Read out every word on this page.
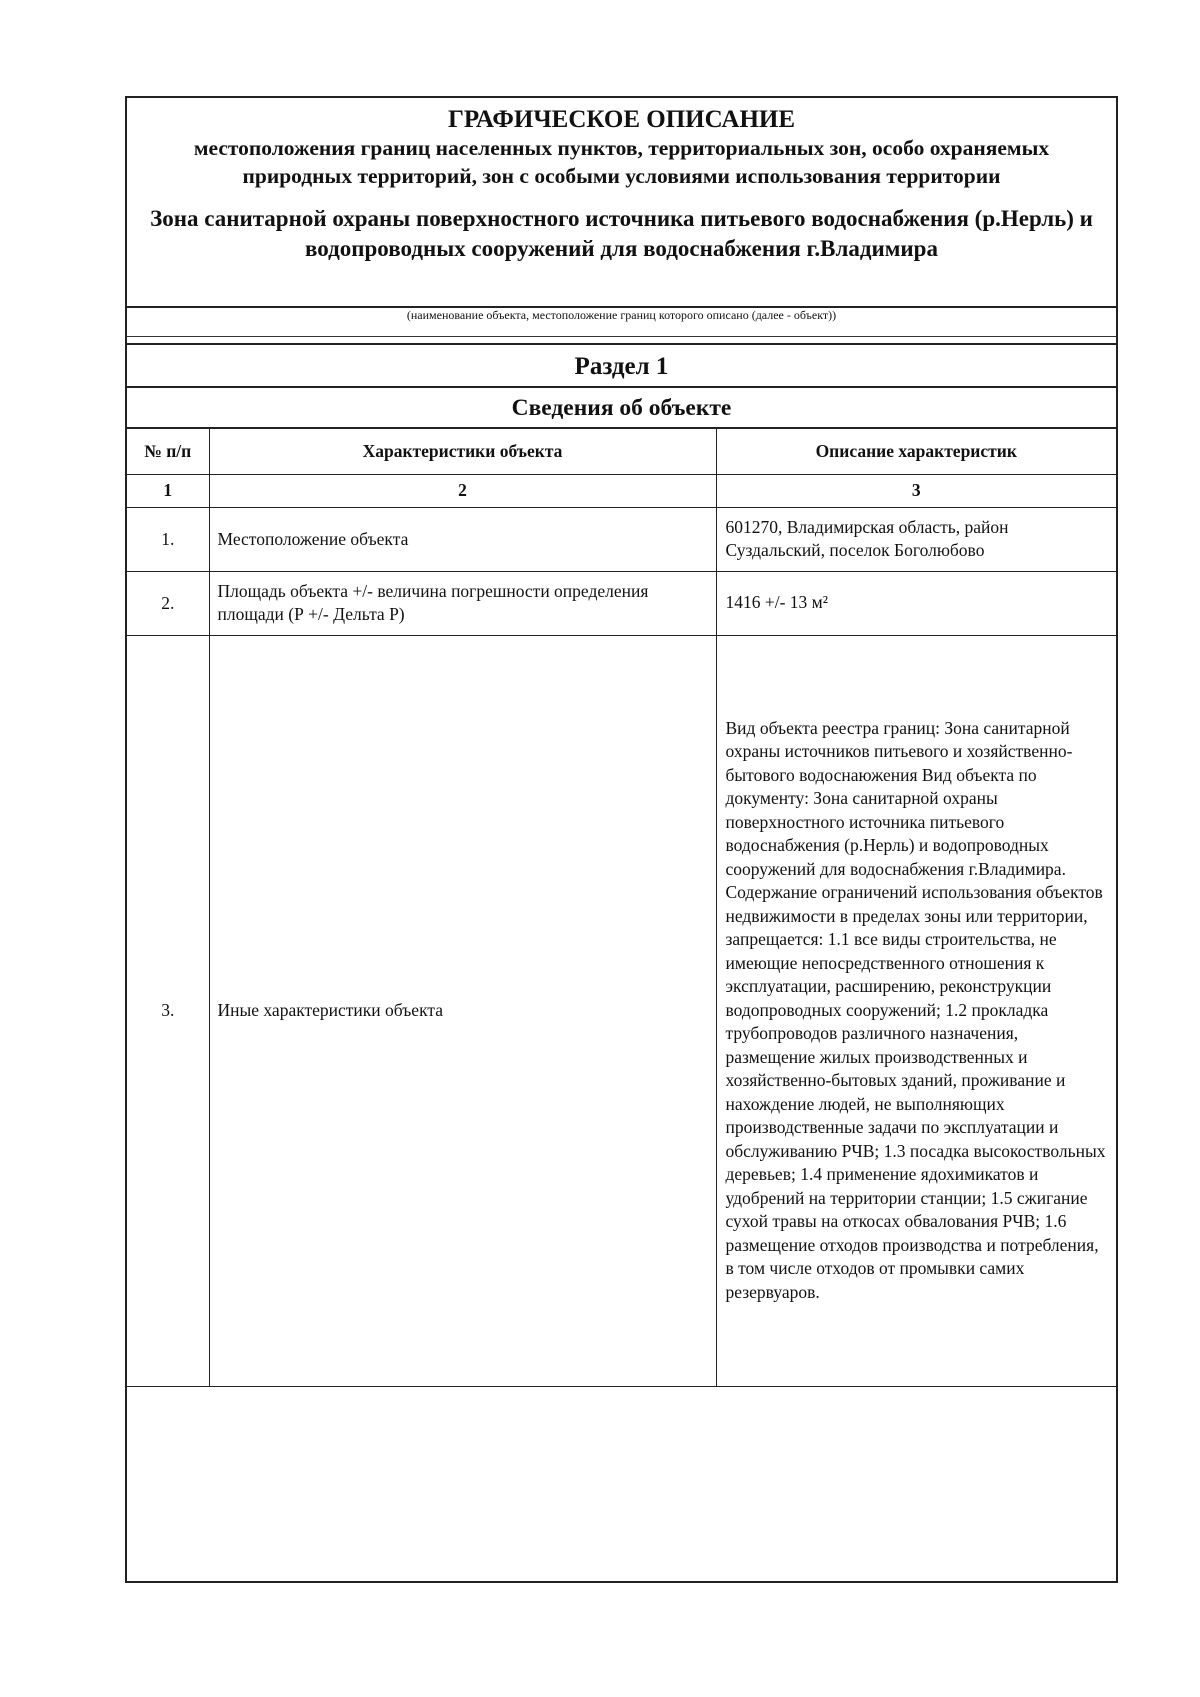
ГРАФИЧЕСКОЕ ОПИСАНИЕ
местоположения границ населенных пунктов, территориальных зон, особо охраняемых природных территорий, зон с особыми условиями использования территории
Зона санитарной охраны поверхностного источника питьевого водоснабжения (р.Нерль) и водопроводных сооружений для водоснабжения г.Владимира
(наименование объекта, местоположение границ которого описано (далее - объект))
Раздел 1
Сведения об объекте
№ п/п	Характеристики объекта	Описание характеристик
1	2	3
1.	Местоположение объекта	601270, Владимирская область, район Суздальский, поселок Боголюбово
2.	Площадь объекта +/- величина погрешности определения площади (Р +/- Дельта Р)	1416 +/- 13 м²
3.	Иные характеристики объекта	Вид объекта реестра границ: Зона санитарной охраны источников питьевого и хозяйственно-бытового водоснаюжения Вид объекта по документу: Зона санитарной охраны поверхностного источника питьевого водоснабжения (р.Нерль) и водопроводных сооружений для водоснабжения г.Владимира. Содержание ограничений использования объектов недвижимости в пределах зоны или территории, запрещается: 1.1 все виды строительства, не имеющие непосредственного отношения к эксплуатации, расширению, реконструкции водопроводных сооружений; 1.2 прокладка трубопроводов различного назначения, размещение жилых производственных и хозяйственно-бытовых зданий, проживание и нахождение людей, не выполняющих производственные задачи по эксплуатации и обслуживанию РЧВ; 1.3 посадка высокоствольных деревьев; 1.4 применение ядохимикатов и удобрений на территории станции; 1.5 сжигание сухой травы на откосах обвалования РЧВ; 1.6 размещение отходов производства и потребления, в том числе отходов от промывки самих резервуаров.
